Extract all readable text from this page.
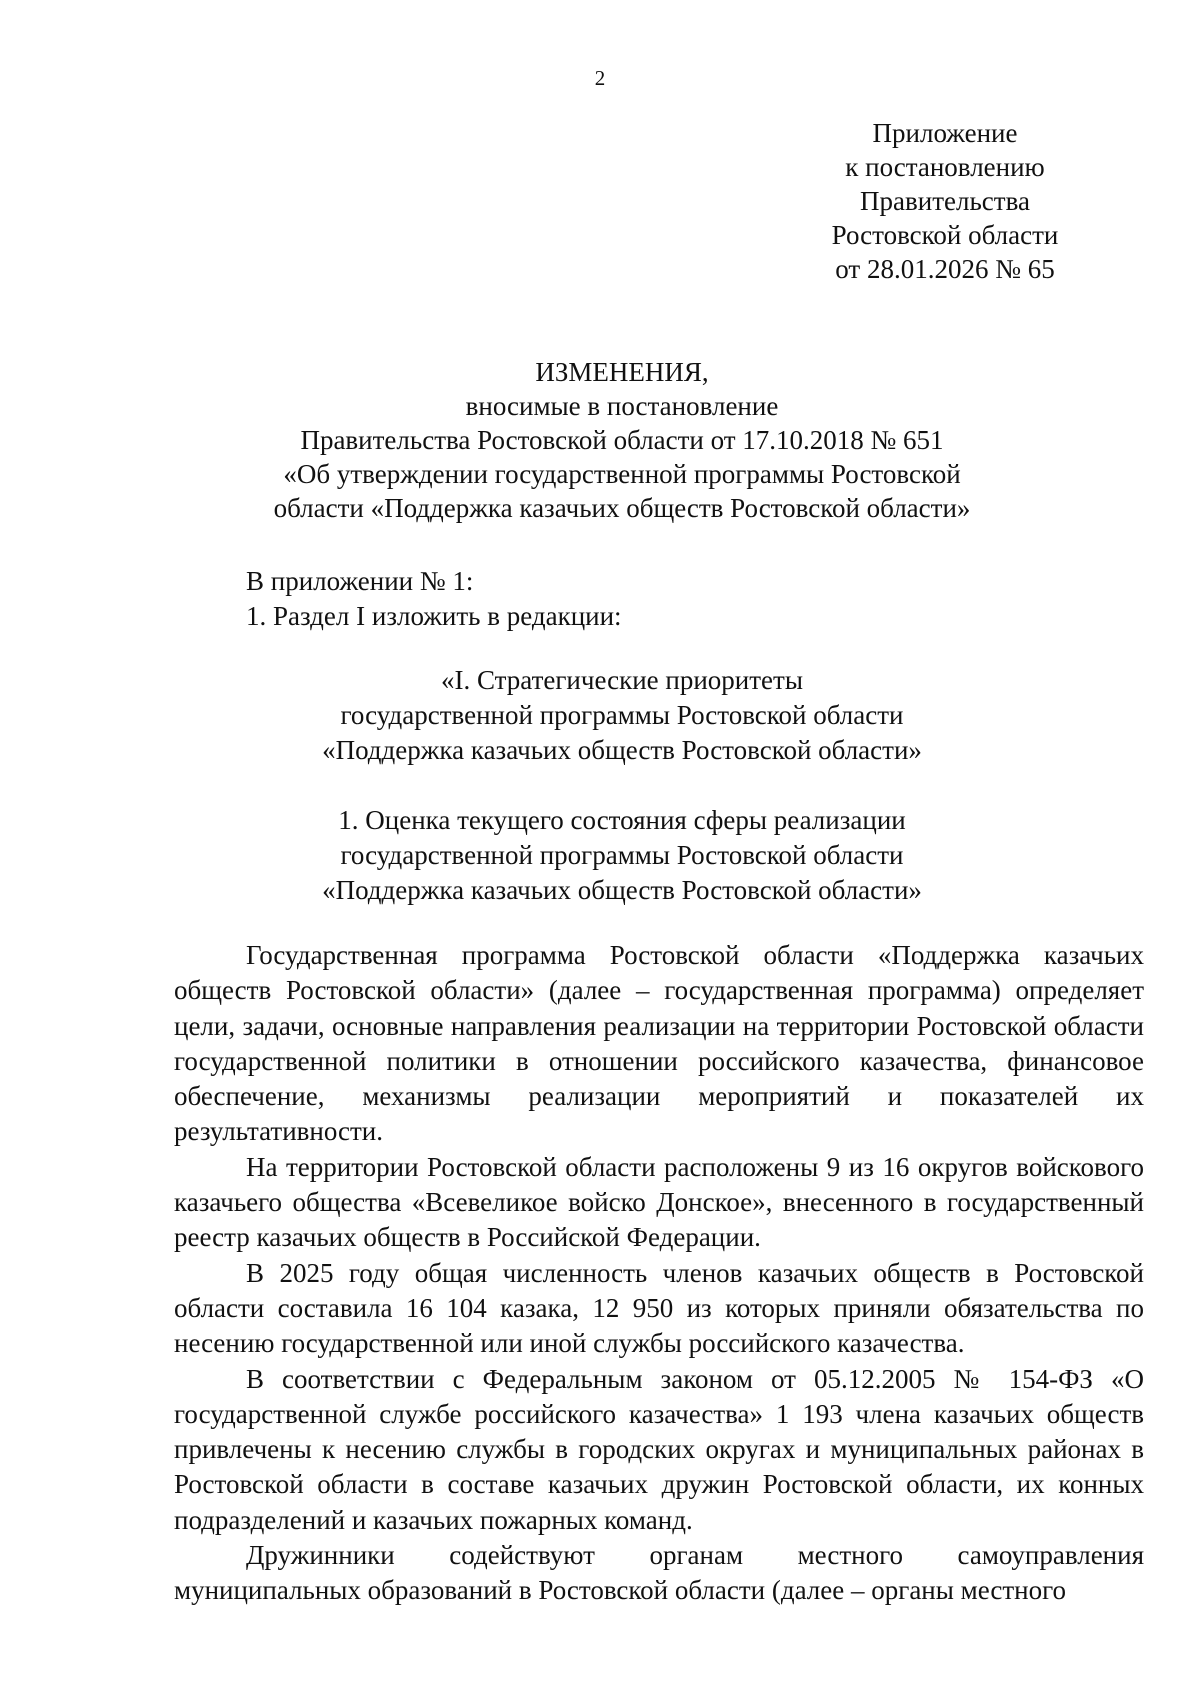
2
Приложение
к постановлению
Правительства
Ростовской области
от 28.01.2026 № 65
ИЗМЕНЕНИЯ,
вносимые в постановление
Правительства Ростовской области от 17.10.2018 № 651
«Об утверждении государственной программы Ростовской
области «Поддержка казачьих обществ Ростовской области»
В приложении № 1:
1. Раздел I изложить в редакции:
«I. Стратегические приоритеты
государственной программы Ростовской области
«Поддержка казачьих обществ Ростовской области»
1. Оценка текущего состояния сферы реализации
государственной программы Ростовской области
«Поддержка казачьих обществ Ростовской области»

Государственная программа Ростовской области «Поддержка казачьих обществ Ростовской области» (далее – государственная программа) определяет цели, задачи, основные направления реализации на территории Ростовской области государственной политики в отношении российского казачества, финансовое обеспечение, механизмы реализации мероприятий и показателей их результативности.

На территории Ростовской области расположены 9 из 16 округов войскового казачьего общества «Всевеликое войско Донское», внесенного в государственный реестр казачьих обществ в Российской Федерации.

В 2025 году общая численность членов казачьих обществ в Ростовской области составила 16 104 казака, 12 950 из которых приняли обязательства по несению государственной или иной службы российского казачества.

В соответствии с Федеральным законом от 05.12.2005 № 154-ФЗ «О государственной службе российского казачества» 1 193 члена казачьих обществ привлечены к несению службы в городских округах и муниципальных районах в Ростовской области в составе казачьих дружин Ростовской области, их конных подразделений и казачьих пожарных команд.

Дружинники содействуют органам местного самоуправления муниципальных образований в Ростовской области (далее – органы местного
